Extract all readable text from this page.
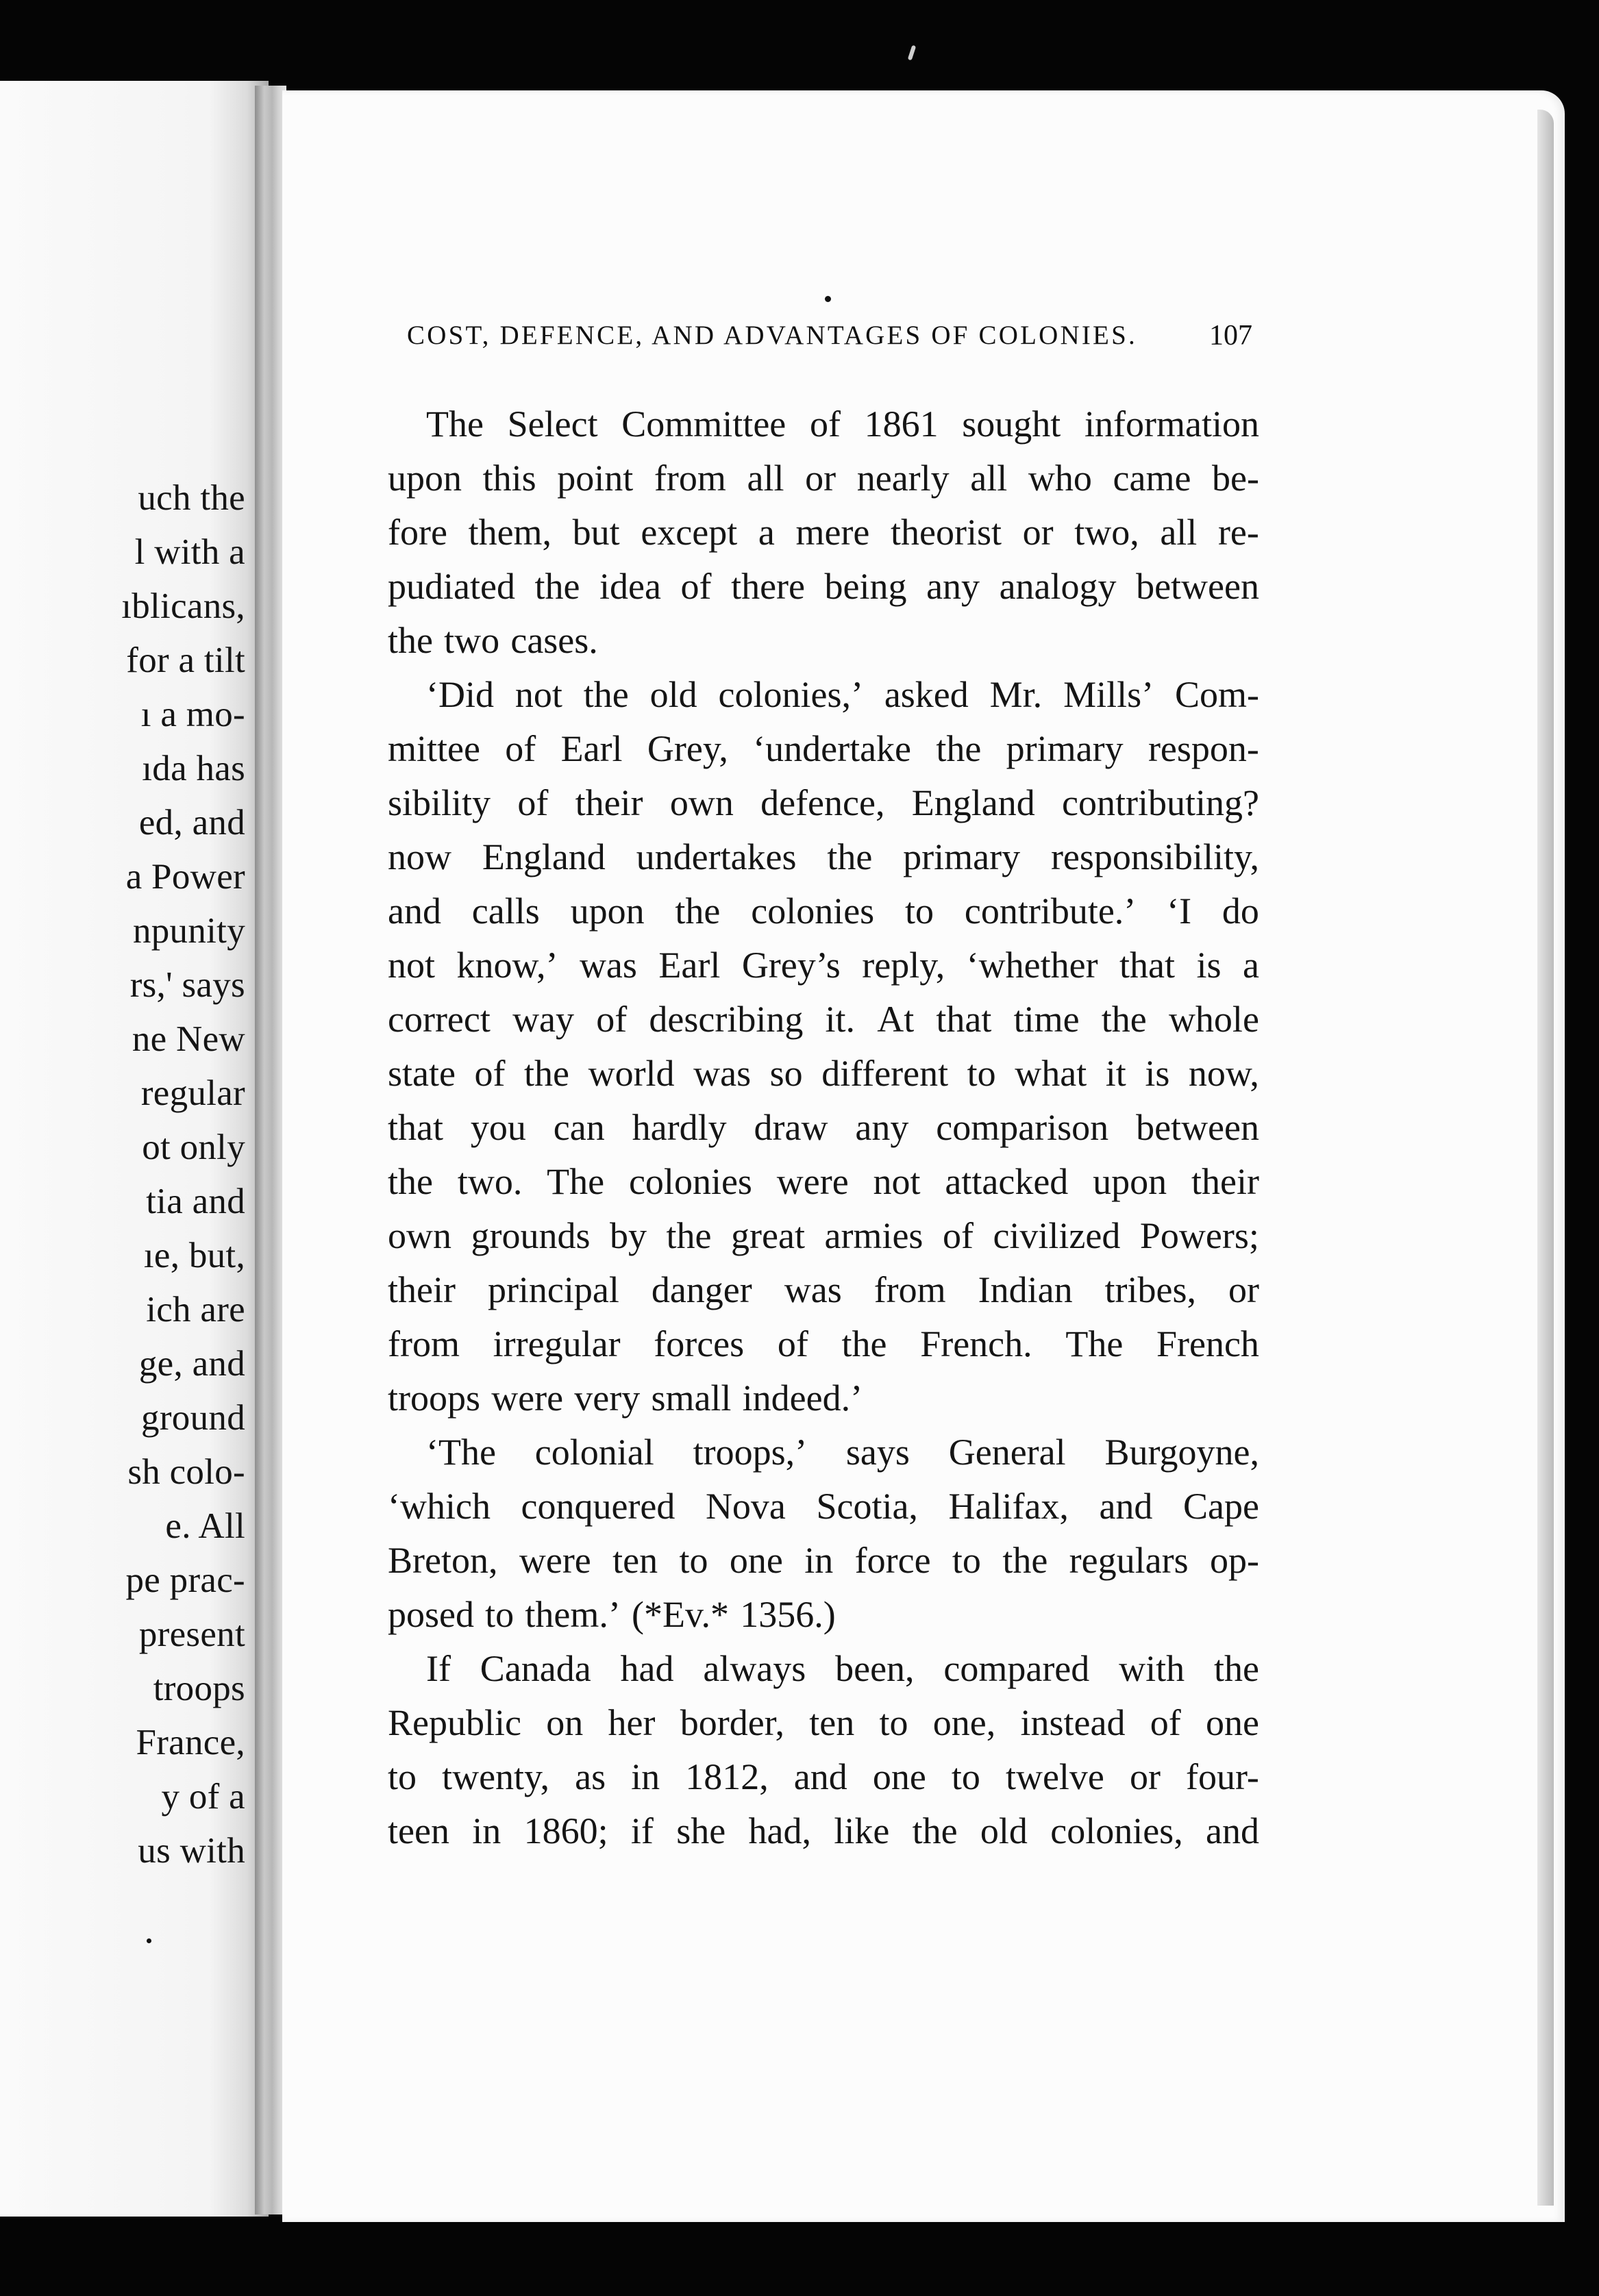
uch the
l with a
ıblicans,
for a tilt
ı a mo-
ıda has
ed, and
a Power
npunity
rs,' says
ne New
regular
ot only
tia and
ıe, but,
ich are
ge, and
ground
sh colo-
e. All
pe prac-
present
troops
France,
y of a
us with
COST, DEFENCE, AND ADVANTAGES OF COLONIES.	107
The Select Committee of 1861 sought information
upon this point from all or nearly all who came be-
fore them, but except a mere theorist or two, all re-
pudiated the idea of there being any analogy between
the two cases.
‘Did not the old colonies,’ asked Mr. Mills’ Com-
mittee of Earl Grey, ‘undertake the primary respon-
sibility of their own defence, England contributing?
now England undertakes the primary responsibility,
and calls upon the colonies to contribute.’ ‘I do
not know,’ was Earl Grey’s reply, ‘whether that is a
correct way of describing it. At that time the whole
state of the world was so different to what it is now,
that you can hardly draw any comparison between
the two. The colonies were not attacked upon their
own grounds by the great armies of civilized Powers;
their principal danger was from Indian tribes, or
from irregular forces of the French. The French
troops were very small indeed.’
‘The colonial troops,’ says General Burgoyne,
‘which conquered Nova Scotia, Halifax, and Cape
Breton, were ten to one in force to the regulars op-
posed to them.’ (*Ev.* 1356.)
If Canada had always been, compared with the
Republic on her border, ten to one, instead of one
to twenty, as in 1812, and one to twelve or four-
teen in 1860; if she had, like the old colonies, and
